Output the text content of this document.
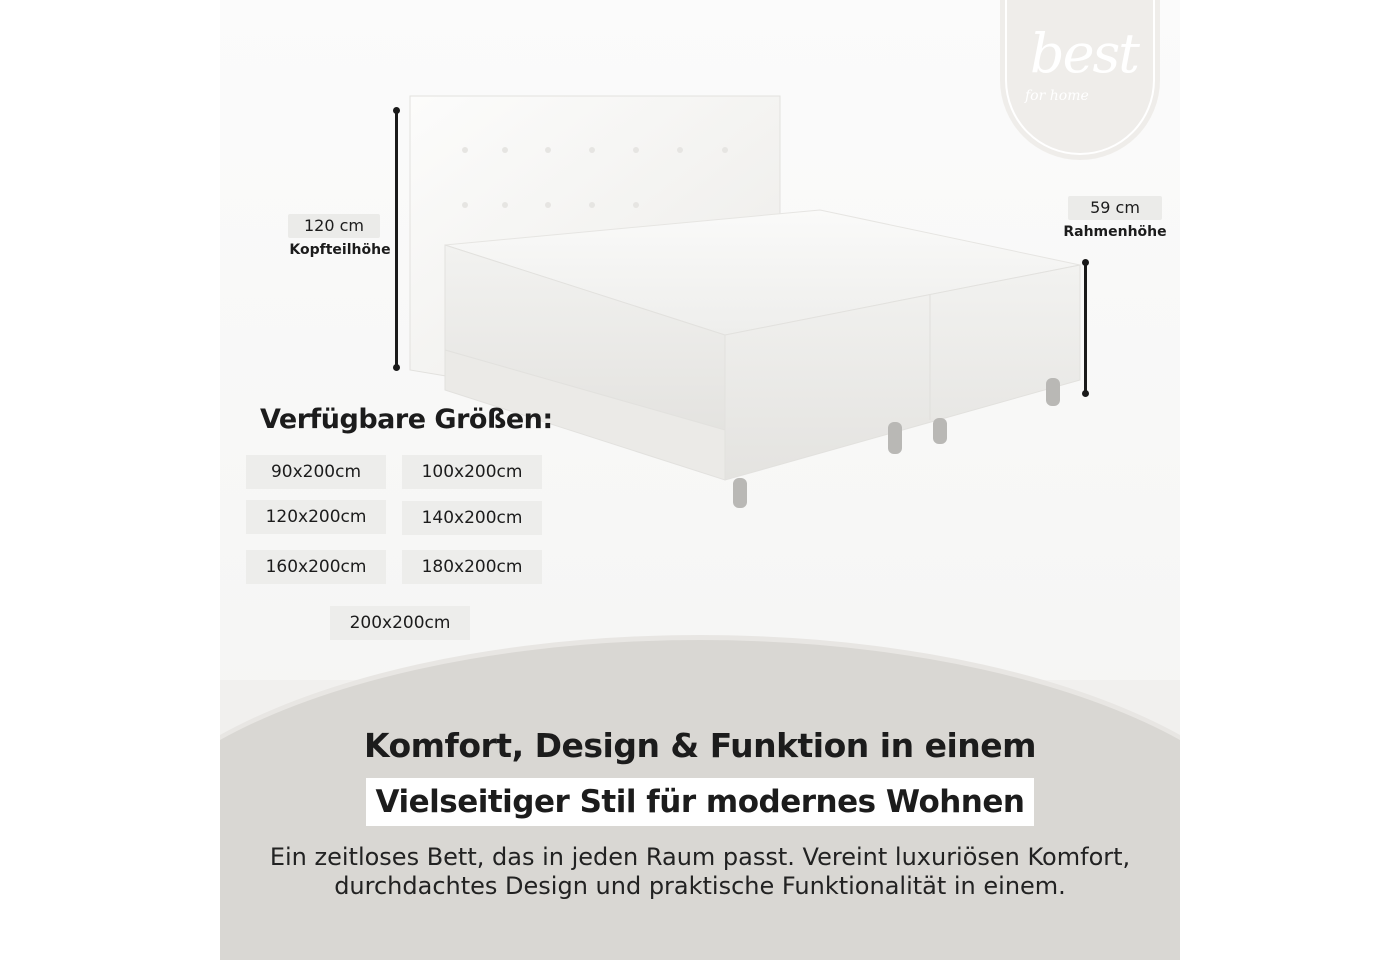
best
for home
120 cm
Kopfteilhöhe
59 cm
Rahmenhöhe
Verfügbare Größen:
90x200cm	100x200cm
120x200cm	140x200cm
160x200cm	180x200cm
200x200cm
Komfort, Design & Funktion in einem
Vielseitiger Stil für modernes Wohnen
Ein zeitloses Bett, das in jeden Raum passt. Vereint luxuriösen Komfort, durchdachtes Design und praktische Funktionalität in einem.
